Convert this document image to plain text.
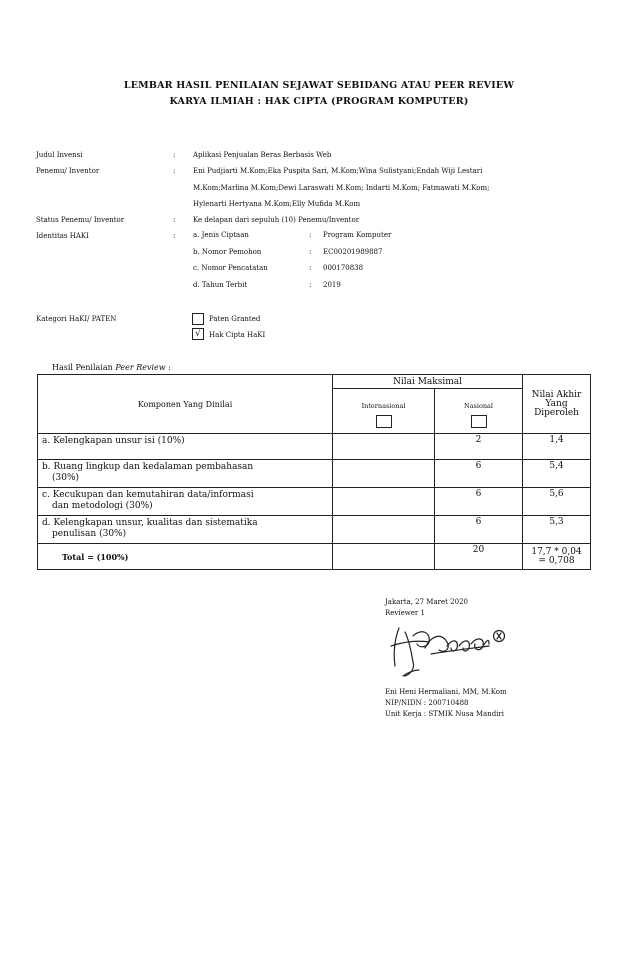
LEMBAR HASIL PENILAIAN SEJAWAT SEBIDANG ATAU PEER REVIEW
KARYA ILMIAH : HAK CIPTA (PROGRAM KOMPUTER)
Judul Invensi	:	Aplikasi Penjualan Beras Berbasis Web
Penemu/ Inventor	:	Eni Pudjiarti M.Kom;Eka Puspita Sari, M.Kom;Wina Sulistyani;Endah Wiji Lestari
M.Kom;Marlina M.Kom;Dewi Laraswati M.Kom; Indarti M.Kom; Fatmawati M.Kom;
Hylenarti Hertyana M.Kom;Elly Mufida M.Kom
Status Penemu/ Inventor	:	Ke delapan dari sepuluh (10) Penemu/Inventor
Identitas HAKI	:	a. Jenis Ciptaan	: Program Komputer
b. Nomor Pemohon	: EC00201989887
c. Nomor Pencatatan	: 000170838
d. Tahun Terbit	: 2019
Kategori HaKI/ PATEN	Paten Granted
√	Hak Cipta HaKI
Hasil Penilaian Peer Review :
Komponen Yang Dinilai	Nilai Maksimal		Nilai Akhir
Yang
Diperoleh

	Internasional	Nasional	

a. Kelengkapan unsur isi (10%)		2	1,4

b. Ruang lingkup dan kedalaman pembahasan
(30%)		6	5,4

c. Kecukupan dan kemutahiran data/informasi
dan metodologi (30%)		6	5,6

d. Kelengkapan unsur, kualitas dan sistematika
penulisan (30%)		6	5,3
Total = (100%)		20	17,7 * 0,04
= 0,708
Jakarta, 27 Maret 2020
Reviewer 1
Eni Heni Hermaliani, MM, M.Kom
NIP/NIDN : 200710488
Unit Kerja : STMIK Nusa Mandiri
